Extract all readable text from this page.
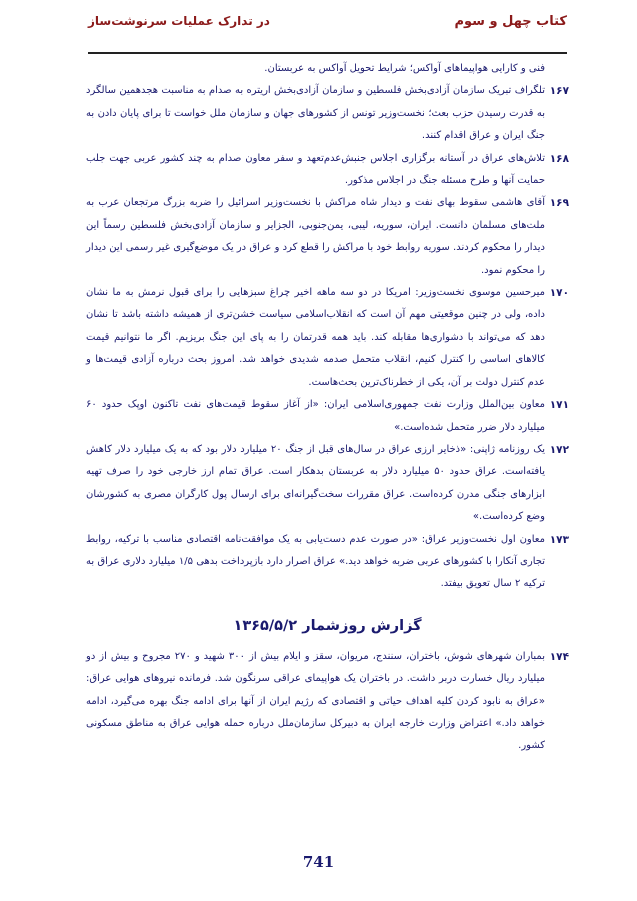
کتاب چهل و سوم
در تدارک عملیات سرنوشت‌ساز

فنی و کارایی هواپیماهای آواکس؛ شرایط تحویل آواکس به عربستان.

۱۶۷
تلگراف تبریک سازمان آزادی‌بخش فلسطین و سازمان آزادی‌بخش اریتره به صدام به مناسبت هجدهمین سالگرد به قدرت رسیدن حزب بعث؛ نخست‌وزیر تونس از کشورهای جهان و سازمان ملل خواست تا برای پایان دادن به جنگ ایران و عراق اقدام کنند.

۱۶۸
تلاش‌های عراق در آستانه برگزاری اجلاس جنبش‌عدم‌تعهد و سفر معاون صدام به چند کشور عربی جهت جلب حمایت آنها و طرح مسئله جنگ در اجلاس مذکور.

۱۶۹
آقای هاشمی سقوط بهای نفت و دیدار شاه مراکش با نخست‌وزیر اسرائیل را ضربه بزرگ مرتجعان عرب به ملت‌های مسلمان دانست. ایران، سوریه، لیبی، یمن‌جنوبی، الجزایر و سازمان آزادی‌بخش فلسطین رسماً این دیدار را محکوم کردند. سوریه روابط خود با مراکش را قطع کرد و عراق در یک موضع‌گیری غیر رسمی این دیدار را محکوم نمود.

۱۷۰
میرحسین موسوی نخست‌وزیر: امریکا در دو سه ماهه اخیر چراغ سبزهایی را برای قبول نرمش به ما نشان داده، ولی در چنین موقعیتی مهم آن است که انقلاب‌اسلامی سیاست خشن‌تری از همیشه داشته باشد تا نشان دهد که می‌تواند با دشواری‌ها مقابله کند. باید همه قدرتمان را به پای این جنگ بریزیم. اگر ما نتوانیم قیمت کالاهای اساسی را کنترل کنیم، انقلاب متحمل صدمه شدیدی خواهد شد. امروز بحث درباره آزادی قیمت‌ها و عدم کنترل دولت بر آن، یکی از خطرناک‌ترین بحث‌هاست.

۱۷۱
معاون بین‌الملل وزارت نفت جمهوری‌اسلامی ایران: «از آغاز سقوط قیمت‌های نفت تاکنون اوپک حدود ۶۰ میلیارد دلار ضرر متحمل شده‌است.»

۱۷۲
یک روزنامه ژاپنی: «ذخایر ارزی عراق در سال‌های قبل از جنگ ۲۰ میلیارد دلار بود که به یک میلیارد دلار کاهش یافته‌است. عراق حدود ۵۰ میلیارد دلار به عربستان بدهکار است. عراق تمام ارز خارجی خود را صرف تهیه ابزارهای جنگی مدرن کرده‌است. عراق مقررات سخت‌گیرانه‌ای برای ارسال پول کارگران مصری به کشورشان وضع کرده‌است.»

۱۷۳
معاون اول نخست‌وزیر عراق: «در صورت عدم دست‌یابی به یک موافقت‌نامه اقتصادی مناسب با ترکیه، روابط تجاری آنکارا با کشورهای عربی ضربه خواهد دید.» عراق اصرار دارد بازپرداخت بدهی ۱/۵ میلیارد دلاری عراق به ترکیه ۲ سال تعویق بیفتد.

گزارش روزشمار ۱۳۶۵/۵/۲

۱۷۴
بمباران شهرهای شوش، باختران، سنندج، مریوان، سقز و ایلام بیش از ۳۰۰ شهید و ۲۷۰ مجروح و بیش از دو میلیارد ریال خسارت دربر داشت. در باختران یک هواپیمای عراقی سرنگون شد. فرمانده نیروهای هوایی عراق: «عراق به نابود کردن کلیه اهداف حیاتی و اقتصادی که رژیم ایران از آنها برای ادامه جنگ بهره می‌گیرد، ادامه خواهد داد.» اعتراض وزارت خارجه ایران به دبیرکل سازمان‌ملل درباره حمله هوایی عراق به مناطق مسکونی کشور.

741
